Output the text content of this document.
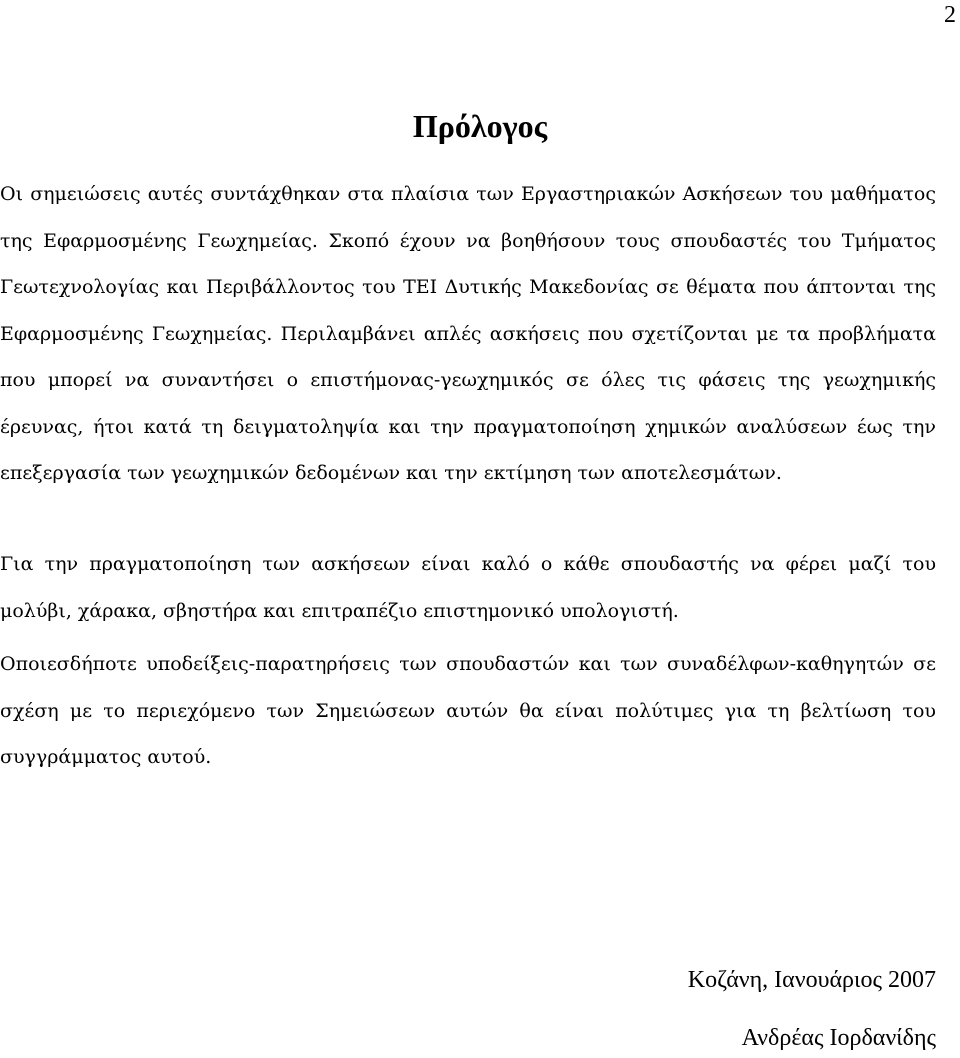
2
Πρόλογος

Οι σημειώσεις αυτές συντάχθηκαν στα πλαίσια των Εργαστηριακών Ασκήσεων του μαθήματος της Εφαρμοσμένης Γεωχημείας. Σκοπό έχουν να βοηθήσουν τους σπουδαστές του Τμήματος Γεωτεχνολογίας και Περιβάλλοντος του ΤΕΙ Δυτικής Μακεδονίας σε θέματα που άπτονται της Εφαρμοσμένης Γεωχημείας. Περιλαμβάνει απλές ασκήσεις που σχετίζονται με τα προβλήματα που μπορεί να συναντήσει ο επιστήμονας-γεωχημικός σε όλες τις φάσεις της γεωχημικής έρευνας, ήτοι κατά τη δειγματοληψία και την πραγματοποίηση χημικών αναλύσεων έως την επεξεργασία των γεωχημικών δεδομένων και την εκτίμηση των αποτελεσμάτων.

Για την πραγματοποίηση των ασκήσεων είναι καλό ο κάθε σπουδαστής να φέρει μαζί του μολύβι, χάρακα, σβηστήρα και επιτραπέζιο επιστημονικό υπολογιστή.

Οποιεσδήποτε υποδείξεις-παρατηρήσεις των σπουδαστών και των συναδέλφων-καθηγητών σε σχέση με το περιεχόμενο των Σημειώσεων αυτών θα είναι πολύτιμες για τη βελτίωση του συγγράμματος αυτού.

Κοζάνη, Ιανουάριος 2007
Ανδρέας Ιορδανίδης
